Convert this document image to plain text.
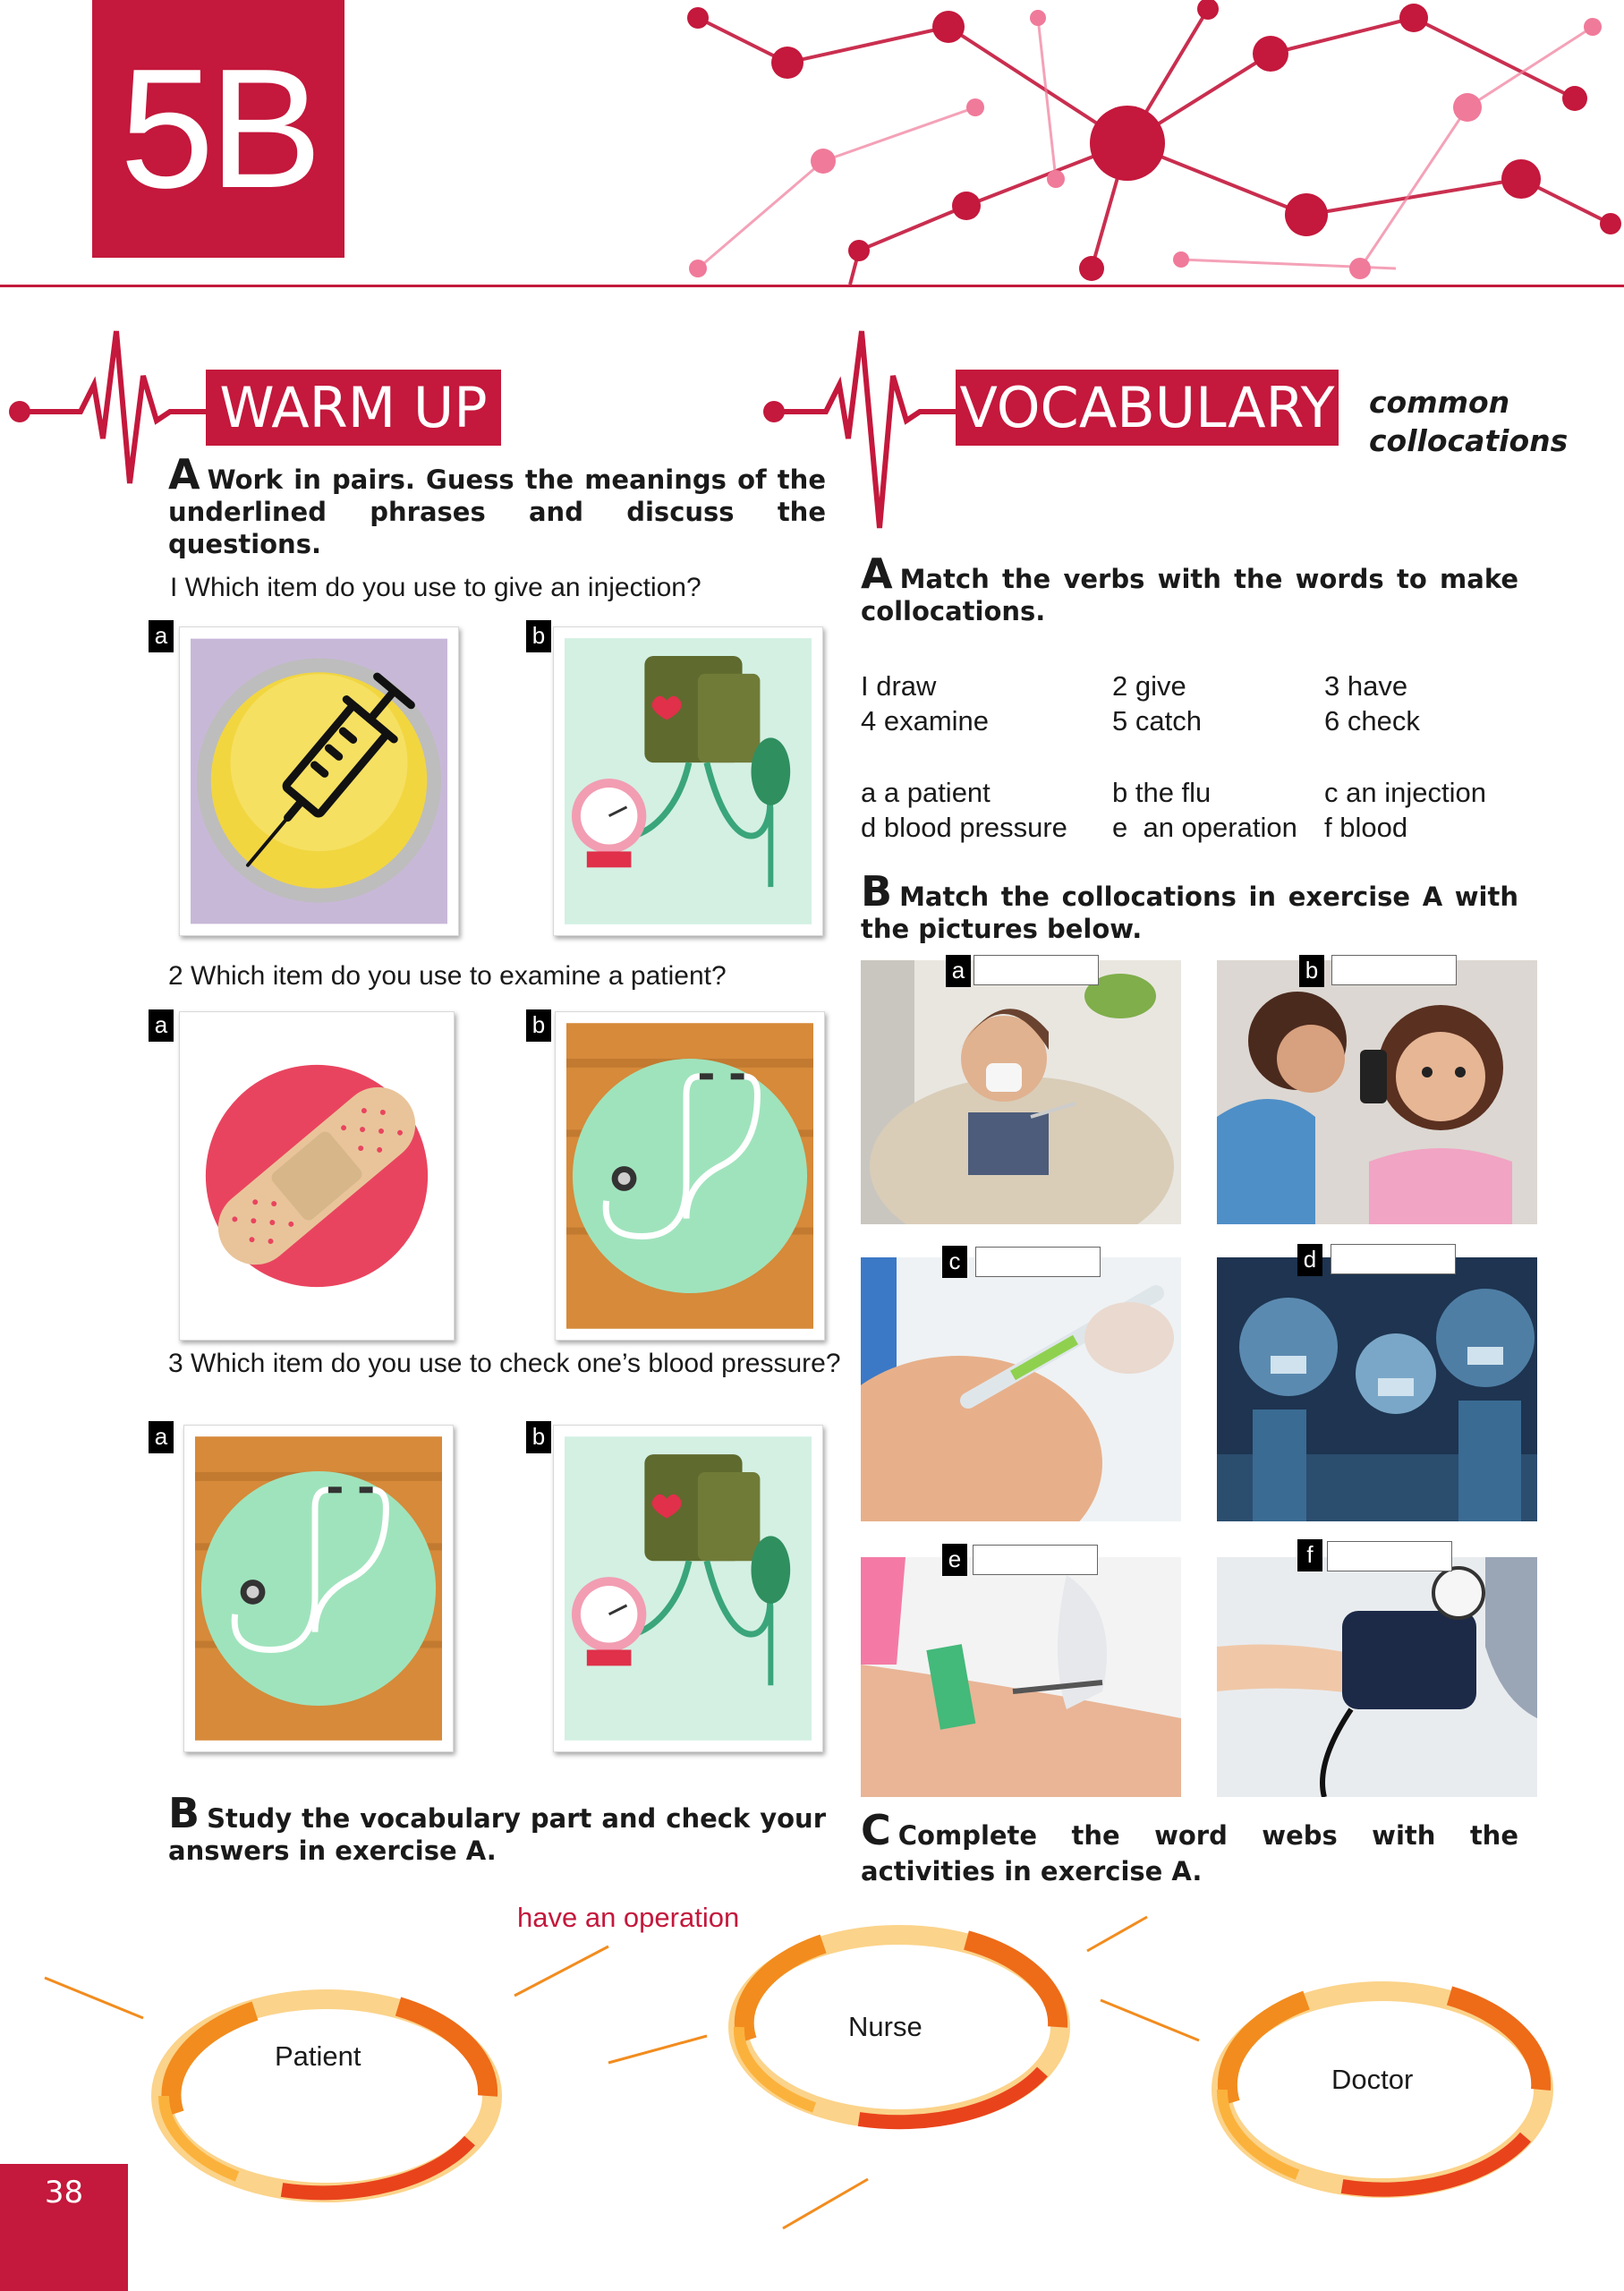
5B
WARM UP	VOCABULARY common
collocations
A Work in pairs. Guess the meanings of the underlined phrases and discuss the questions.
I Which item do you use to give an injection?
a	b
2 Which item do you use to examine a patient?
a	b
3 Which item do you use to check one’s blood pressure?
a	b
B Study the vocabulary part and check your answers in exercise A.
A Match the verbs with the words to make collocations.
I draw	2 give	3 have
4 examine	5 catch	6 check
a a patient	b the flu	c an injection
d blood pressure e  an operation f blood
B Match the collocations in exercise A with the pictures below.
a	b
c	d
e	f
C Complete the word webs with the activities in exercise A.
have an operation
Patient
Nurse
Doctor
38
